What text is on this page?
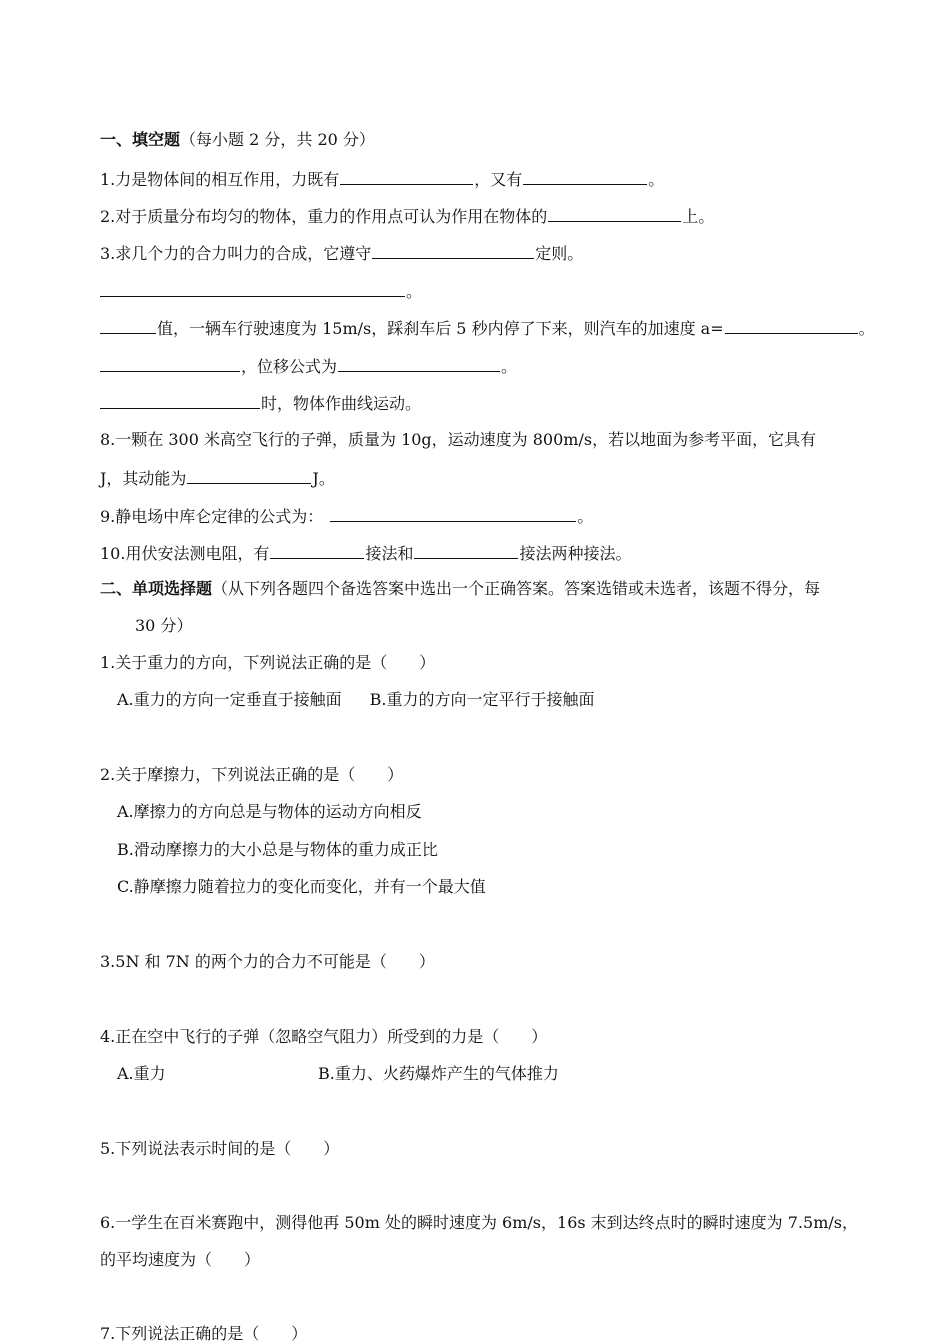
一、填空题（每小题 2 分，共 20 分）
1.力是物体间的相互作用，力既有	，又有	。
2.对于质量分布均匀的物体，重力的作用点可认为作用在物体的	上。
3.求几个力的合力叫力的合成，它遵守	定则。
。
值，一辆车行驶速度为 15m/s，踩刹车后 5 秒内停了下来，则汽车的加速度 a=	。
，位移公式为	。
时，物体作曲线运动。
8.一颗在 300 米高空飞行的子弹，质量为 10g，运动速度为 800m/s，若以地面为参考平面，它具有
J，其动能为	J。
9.静电场中库仑定律的公式为：	。
10.用伏安法测电阻，有	接法和	接法两种接法。
二、单项选择题（从下列各题四个备选答案中选出一个正确答案。答案选错或未选者，该题不得分，每
30 分）
1.关于重力的方向，下列说法正确的是（　　）
A.重力的方向一定垂直于接触面 B.重力的方向一定平行于接触面
2.关于摩擦力，下列说法正确的是（　　）
A.摩擦力的方向总是与物体的运动方向相反
B.滑动摩擦力的大小总是与物体的重力成正比
C.静摩擦力随着拉力的变化而变化，并有一个最大值
3.5N 和 7N 的两个力的合力不可能是（　　）
4.正在空中飞行的子弹（忽略空气阻力）所受到的力是（　　）
A.重力	B.重力、火药爆炸产生的气体推力
5.下列说法表示时间的是（　　）
6.一学生在百米赛跑中，测得他再 50m 处的瞬时速度为 6m/s，16s 末到达终点时的瞬时速度为 7.5m/s，
的平均速度为（　　）
7.下列说法正确的是（　　）
